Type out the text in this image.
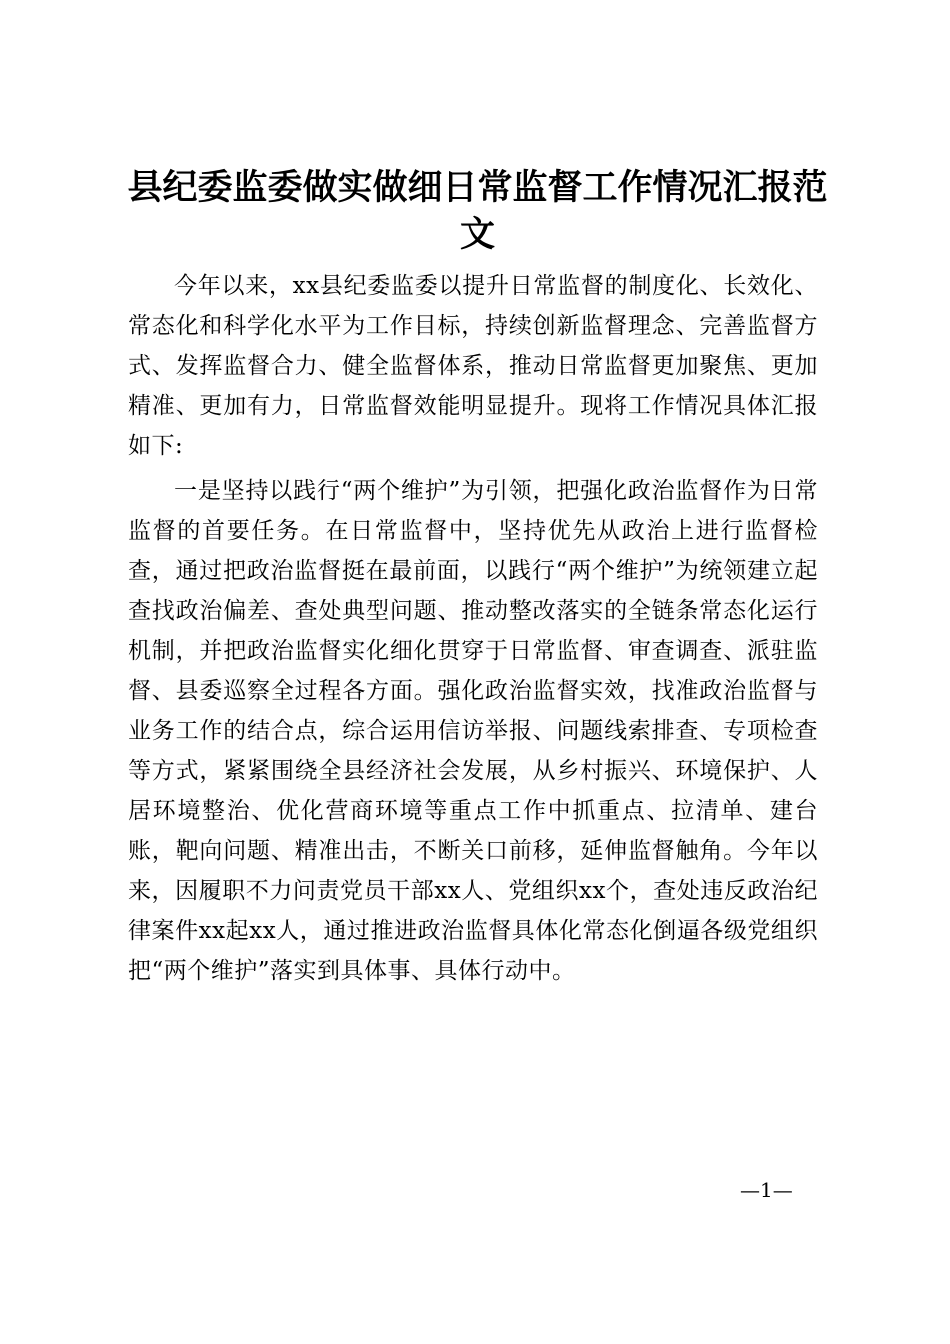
县纪委监委做实做细日常监督工作情况汇报范文

今年以来，xx县纪委监委以提升日常监督的制度化、长效化、常态化和科学化水平为工作目标，持续创新监督理念、完善监督方式、发挥监督合力、健全监督体系，推动日常监督更加聚焦、更加精准、更加有力，日常监督效能明显提升。现将工作情况具体汇报如下:

一是坚持以践行“两个维护”为引领，把强化政治监督作为日常监督的首要任务。在日常监督中，坚持优先从政治上进行监督检查，通过把政治监督挺在最前面，以践行“两个维护”为统领建立起查找政治偏差、查处典型问题、推动整改落实的全链条常态化运行机制，并把政治监督实化细化贯穿于日常监督、审查调查、派驻监督、县委巡察全过程各方面。强化政治监督实效，找准政治监督与业务工作的结合点，综合运用信访举报、问题线索排查、专项检查等方式，紧紧围绕全县经济社会发展，从乡村振兴、环境保护、人居环境整治、优化营商环境等重点工作中抓重点、拉清单、建台账，靶向问题、精准出击，不断关口前移，延伸监督触角。今年以来，因履职不力问责党员干部xx人、党组织xx个，查处违反政治纪律案件xx起xx人，通过推进政治监督具体化常态化倒逼各级党组织把“两个维护”落实到具体事、具体行动中。

—1—
